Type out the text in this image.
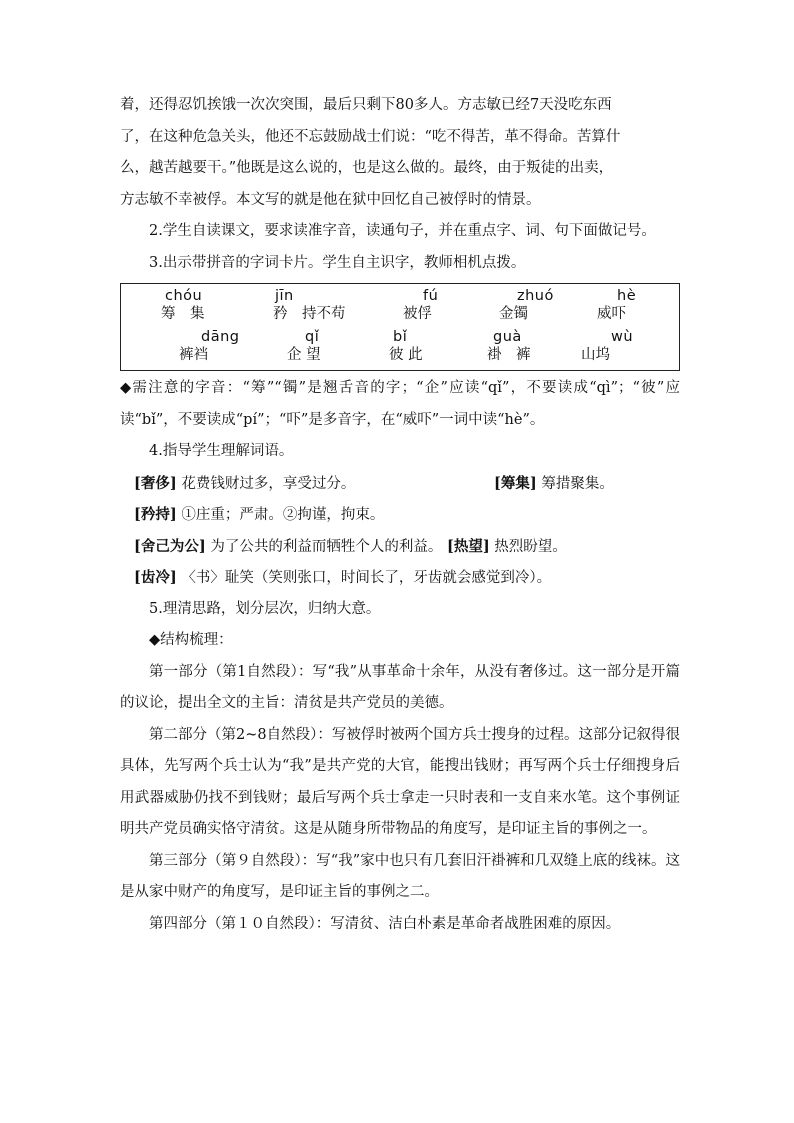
着，还得忍饥挨饿一次次突围，最后只剩下80多人。方志敏已经7天没吃东西

了，在这种危急关头，他还不忘鼓励战士们说：“吃不得苦，革不得命。苦算什

么，越苦越要干。”他既是这么说的，也是这么做的。最终，由于叛徒的出卖，

方志敏不幸被俘。本文写的就是他在狱中回忆自己被俘时的情景。

2.学生自读课文，要求读准字音，读通句子，并在重点字、词、句下面做记号。

3.出示带拼音的字词卡片。学生自主识字，教师相机点拨。

chóu
筹　集
jīn
矜　持不苟
fú
被俘
zhuó
金镯
hè
威吓
dāng
裤裆
qǐ
企 望
bǐ
彼 此
guà
褂　裤
wù
山坞

◆需注意的字音：“筹”“镯”是翘舌音的字；“企”应读“qǐ”，不要读成“qì”；“彼”应读“bǐ”，不要读成“pí”；“吓”是多音字，在“威吓”一词中读“hè”。

4.指导学生理解词语。

[奢侈] 花费钱财过多，享受过分。	[筹集] 筹措聚集。
[矜持] ①庄重；严肃。②拘谨，拘束。
[舍己为公] 为了公共的利益而牺牲个人的利益。 [热望] 热烈盼望。
[齿冷] 〈书〉耻笑（笑则张口，时间长了，牙齿就会感觉到冷）。

5.理清思路，划分层次，归纳大意。

◆结构梳理：

第一部分（第1自然段）：写“我”从事革命十余年，从没有奢侈过。这一部分是开篇的议论，提出全文的主旨：清贫是共产党员的美德。

第二部分（第2~8自然段）：写被俘时被两个国方兵士搜身的过程。这部分记叙得很具体，先写两个兵士认为“我”是共产党的大官，能搜出钱财；再写两个兵士仔细搜身后用武器威胁仍找不到钱财；最后写两个兵士拿走一只时表和一支自来水笔。这个事例证明共产党员确实恪守清贫。这是从随身所带物品的角度写，是印证主旨的事例之一。

第三部分（第９自然段）：写“我”家中也只有几套旧汗褂裤和几双缝上底的线袜。这是从家中财产的角度写，是印证主旨的事例之二。

第四部分（第１０自然段）：写清贫、洁白朴素是革命者战胜困难的原因。
